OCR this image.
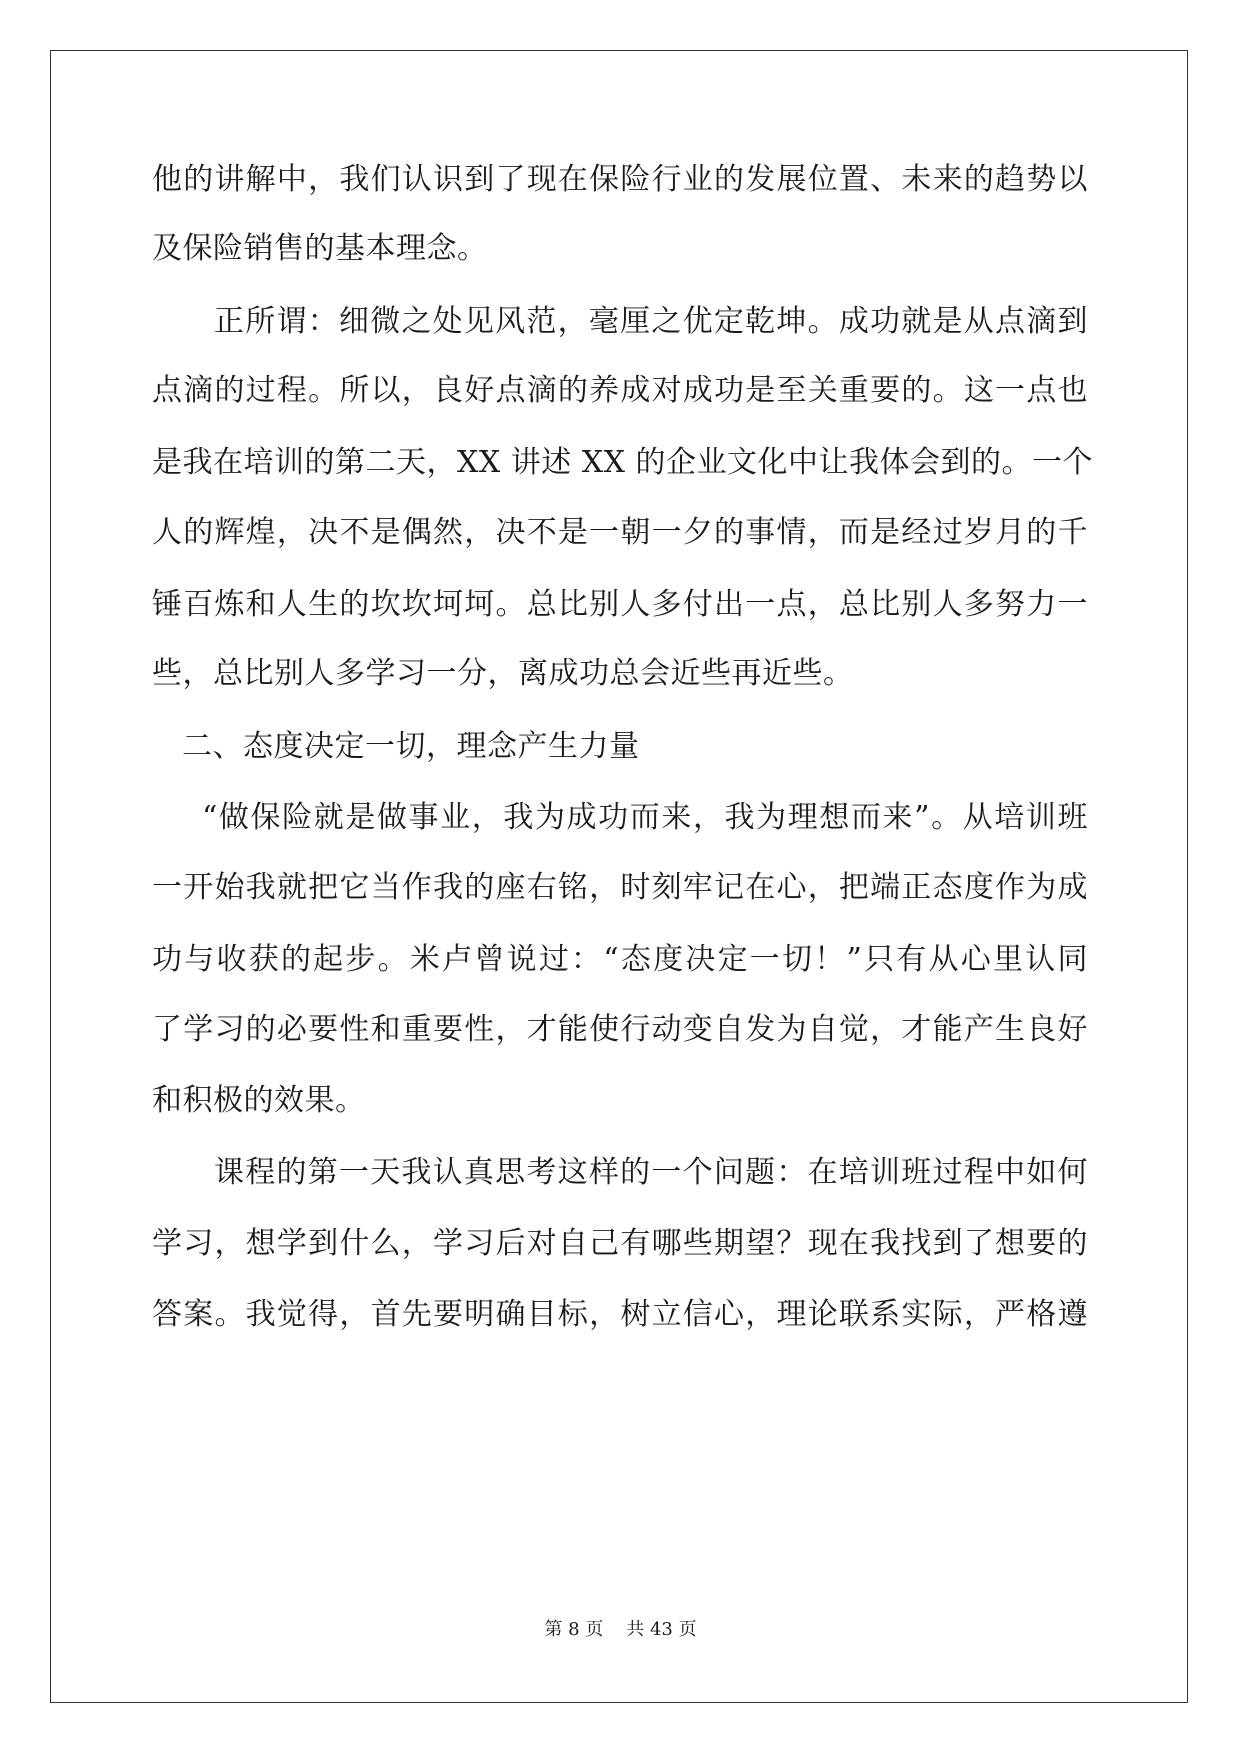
他的讲解中，我们认识到了现在保险行业的发展位置、未来的趋势以
及保险销售的基本理念。
正所谓：细微之处见风范，毫厘之优定乾坤。成功就是从点滴到
点滴的过程。所以，良好点滴的养成对成功是至关重要的。这一点也
是我在培训的第二天，XX 讲述 XX 的企业文化中让我体会到的。一个
人的辉煌，决不是偶然，决不是一朝一夕的事情，而是经过岁月的千
锤百炼和人生的坎坎坷坷。总比别人多付出一点，总比别人多努力一
些，总比别人多学习一分，离成功总会近些再近些。
二、态度决定一切，理念产生力量
“做保险就是做事业，我为成功而来，我为理想而来”。从培训班
一开始我就把它当作我的座右铭，时刻牢记在心，把端正态度作为成
功与收获的起步。米卢曾说过：“态度决定一切！”只有从心里认同
了学习的必要性和重要性，才能使行动变自发为自觉，才能产生良好
和积极的效果。
课程的第一天我认真思考这样的一个问题：在培训班过程中如何
学习，想学到什么，学习后对自己有哪些期望？现在我找到了想要的
答案。我觉得，首先要明确目标，树立信心，理论联系实际，严格遵
第 8 页 共 43 页
